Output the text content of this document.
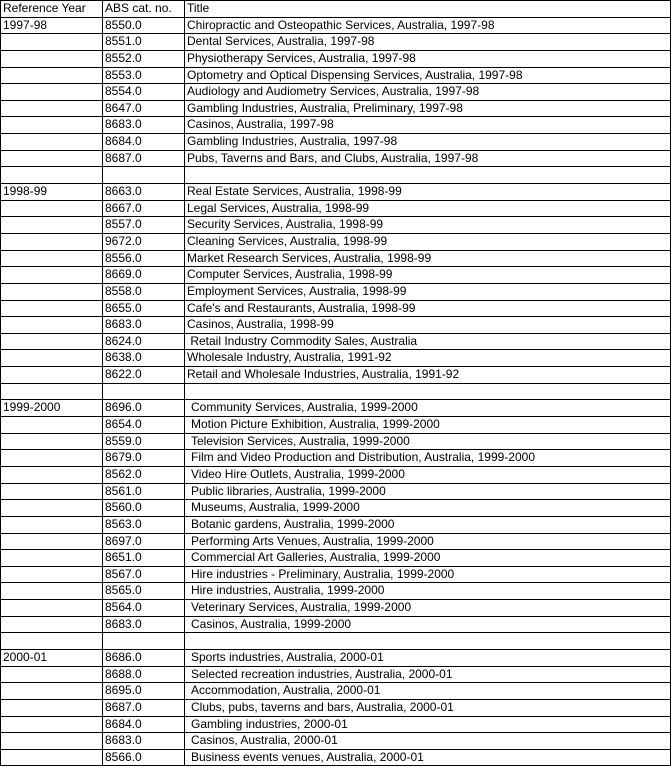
Reference Year	ABS cat. no.	Title
1997-98	8550.0	Chiropractic and Osteopathic Services, Australia, 1997-98
	8551.0	Dental Services, Australia, 1997-98
	8552.0	Physiotherapy Services, Australia, 1997-98
	8553.0	Optometry and Optical Dispensing Services, Australia, 1997-98
	8554.0	Audiology and Audiometry Services, Australia, 1997-98
	8647.0	Gambling Industries, Australia, Preliminary, 1997-98
	8683.0	Casinos, Australia, 1997-98
	8684.0	Gambling Industries, Australia, 1997-98
	8687.0	Pubs, Taverns and Bars, and Clubs, Australia, 1997-98

1998-99	8663.0	Real Estate Services, Australia, 1998-99
	8667.0	Legal Services, Australia, 1998-99
	8557.0	Security Services, Australia, 1998-99
	9672.0	Cleaning Services, Australia, 1998-99
	8556.0	Market Research Services, Australia, 1998-99
	8669.0	Computer Services, Australia, 1998-99
	8558.0	Employment Services, Australia, 1998-99
	8655.0	Cafe's and Restaurants, Australia, 1998-99
	8683.0	Casinos, Australia, 1998-99
	8624.0	Retail Industry Commodity Sales, Australia
	8638.0	Wholesale Industry, Australia, 1991-92
	8622.0	Retail and Wholesale Industries, Australia, 1991-92

1999-2000	8696.0	Community Services, Australia, 1999-2000
	8654.0	Motion Picture Exhibition, Australia, 1999-2000
	8559.0	Television Services, Australia, 1999-2000
	8679.0	Film and Video Production and Distribution, Australia, 1999-2000
	8562.0	Video Hire Outlets, Australia, 1999-2000
	8561.0	Public libraries, Australia, 1999-2000
	8560.0	Museums, Australia, 1999-2000
	8563.0	Botanic gardens, Australia, 1999-2000
	8697.0	Performing Arts Venues, Australia, 1999-2000
	8651.0	Commercial Art Galleries, Australia, 1999-2000
	8567.0	Hire industries - Preliminary, Australia, 1999-2000
	8565.0	Hire industries, Australia, 1999-2000
	8564.0	Veterinary Services, Australia, 1999-2000
	8683.0	Casinos, Australia, 1999-2000

2000-01	8686.0	Sports industries, Australia, 2000-01
	8688.0	Selected recreation industries, Australia, 2000-01
	8695.0	Accommodation, Australia, 2000-01
	8687.0	Clubs, pubs, taverns and bars, Australia, 2000-01
	8684.0	Gambling industries, 2000-01
	8683.0	Casinos, Australia, 2000-01
	8566.0	Business events venues, Australia, 2000-01
